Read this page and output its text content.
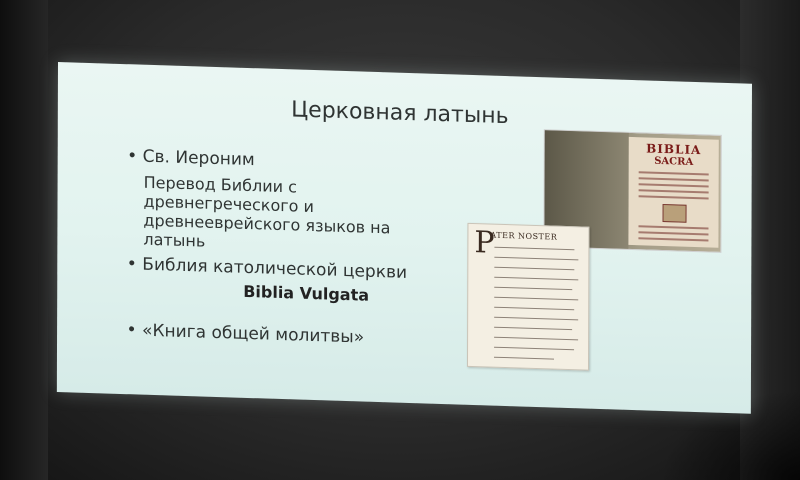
Церковная латынь
Св. Иероним
Перевод Библии с древнегреческого и древнееврейского языков на латынь
Библия католической церкви
Biblia Vulgata
«Книга общей молитвы»
BIBLIA
SACRA
P
ATER NOSTER
